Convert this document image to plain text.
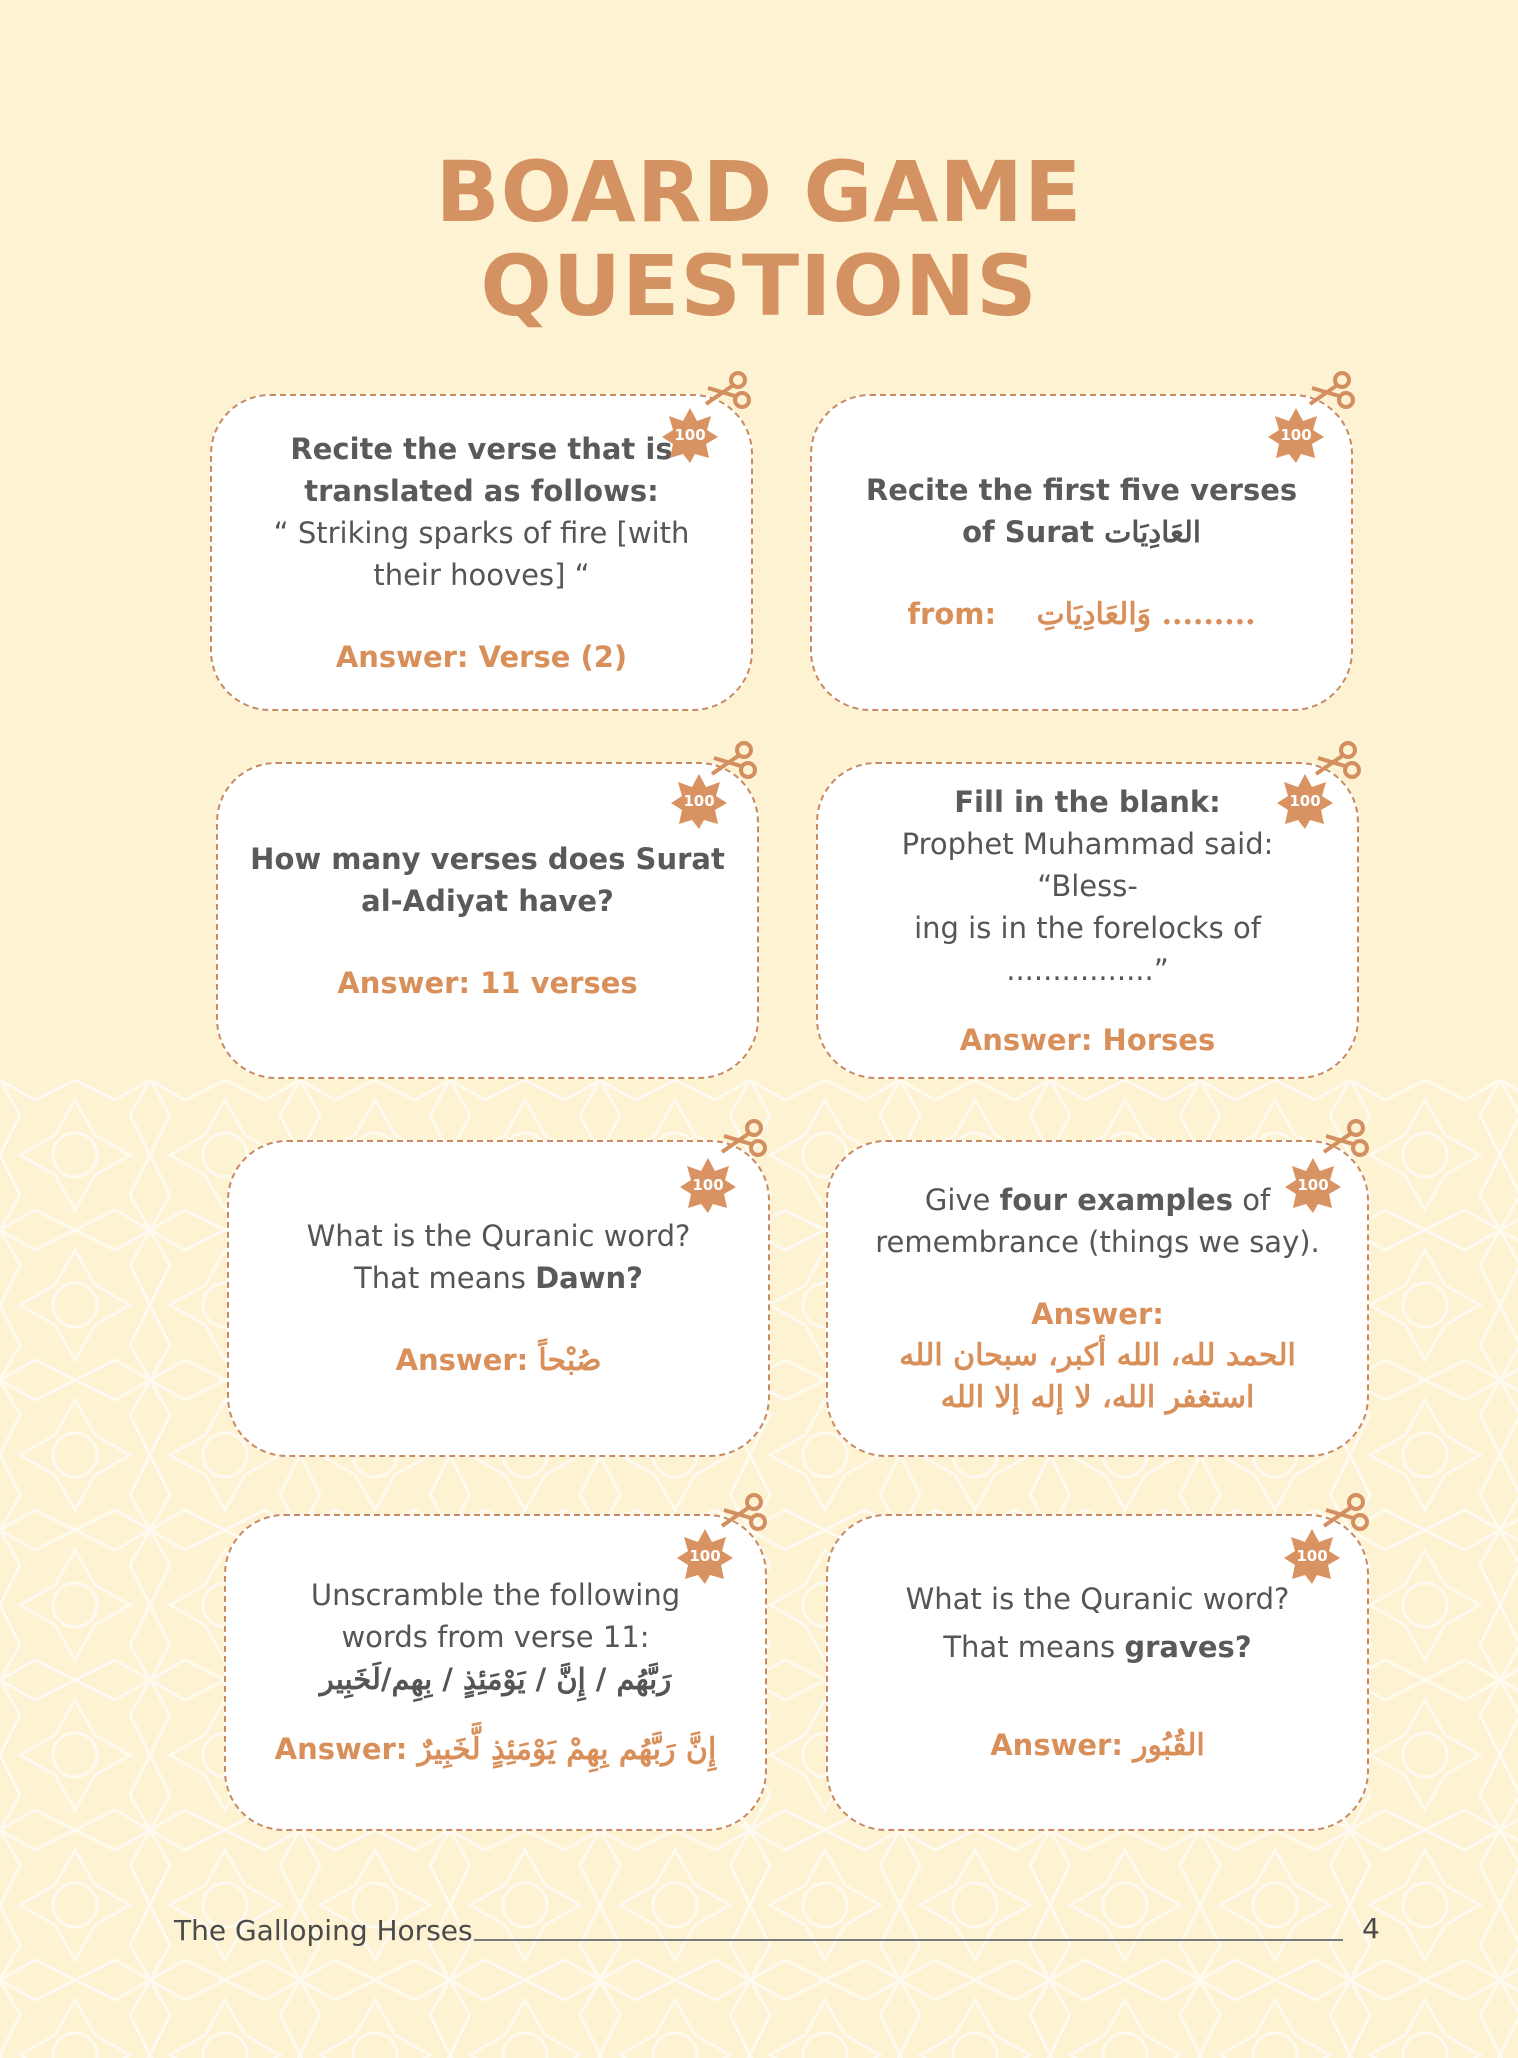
BOARD GAME
QUESTIONS
Recite the verse that is
translated as follows:
“ Striking sparks of fire [with
their hooves] “
Answer: Verse (2)
Recite the first five verses
of Surat العَادِيَات
from: وَالعَادِيَاتِ .........
How many verses does Surat
al-Adiyat have?
Answer: 11 verses
Fill in the blank:
Prophet Muhammad said: “Bless-
ing is in the forelocks of
................”
Answer: Horses
What is the Quranic word?
That means Dawn?
Answer: صُبْحاً
Give four examples of
remembrance (things we say).
Answer:
الحمد لله، الله أكبر، سبحان الله
استغفر الله، لا إله إلا الله
Unscramble the following
words from verse 11:
رَبَّهُم / إِنَّ / يَوْمَئِذٍ / بِهِم/لَخَبِير
Answer: إِنَّ رَبَّهُم بِهِمْ يَوْمَئِذٍ لَّخَبِيرٌ
What is the Quranic word?
That means graves?
Answer: القُبُور
100	100
100	100
100	100
100	100
The Galloping Horses	4
